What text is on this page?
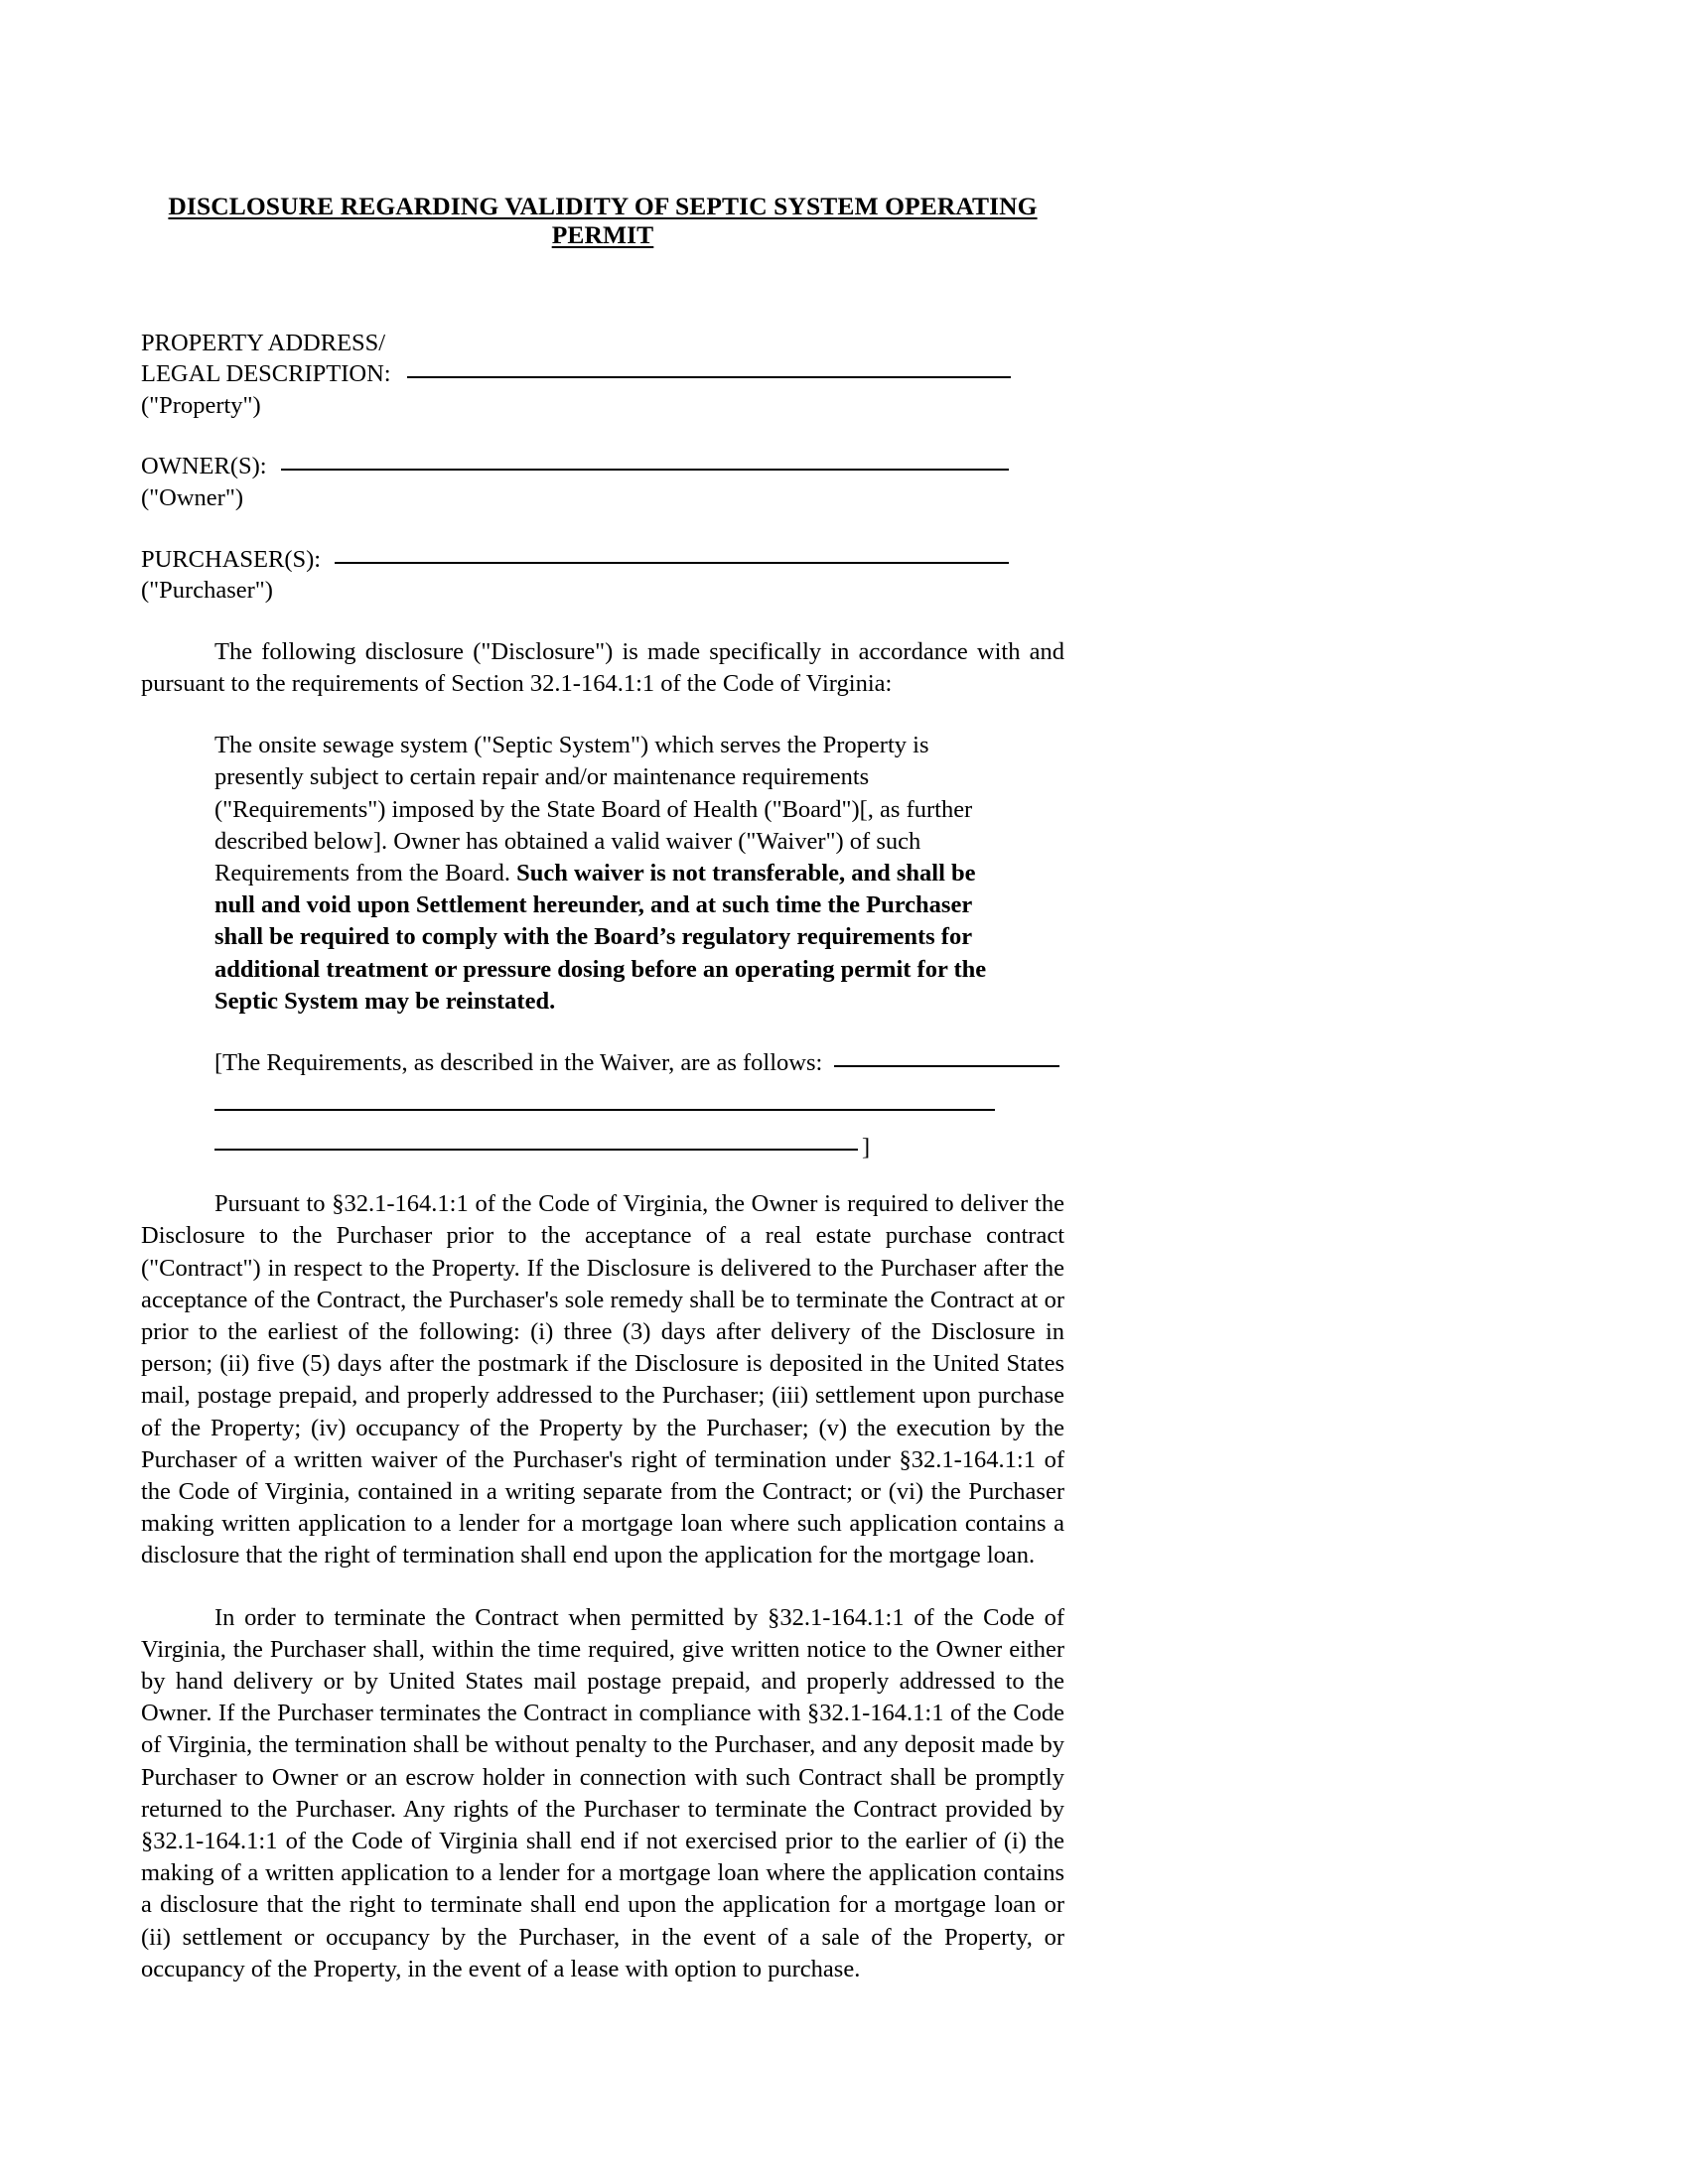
DISCLOSURE REGARDING VALIDITY OF SEPTIC SYSTEM OPERATING PERMIT
PROPERTY ADDRESS/
LEGAL DESCRIPTION:
("Property")
OWNER(S):
("Owner")
PURCHASER(S):
("Purchaser")

The following disclosure ("Disclosure") is made specifically in accordance with and pursuant to the requirements of Section 32.1-164.1:1 of the Code of Virginia:

The onsite sewage system ("Septic System") which serves the Property is presently subject to certain repair and/or maintenance requirements ("Requirements") imposed by the State Board of Health ("Board")[, as further described below]. Owner has obtained a valid waiver ("Waiver") of such Requirements from the Board. Such waiver is not transferable, and shall be null and void upon Settlement hereunder, and at such time the Purchaser shall be required to comply with the Board’s regulatory requirements for additional treatment or pressure dosing before an operating permit for the Septic System may be reinstated.
[The Requirements, as described in the Waiver, are as follows:
]

Pursuant to §32.1-164.1:1 of the Code of Virginia, the Owner is required to deliver the Disclosure to the Purchaser prior to the acceptance of a real estate purchase contract ("Contract") in respect to the Property. If the Disclosure is delivered to the Purchaser after the acceptance of the Contract, the Purchaser's sole remedy shall be to terminate the Contract at or prior to the earliest of the following: (i) three (3) days after delivery of the Disclosure in person; (ii) five (5) days after the postmark if the Disclosure is deposited in the United States mail, postage prepaid, and properly addressed to the Purchaser; (iii) settlement upon purchase of the Property; (iv) occupancy of the Property by the Purchaser; (v) the execution by the Purchaser of a written waiver of the Purchaser's right of termination under §32.1-164.1:1 of the Code of Virginia, contained in a writing separate from the Contract; or (vi) the Purchaser making written application to a lender for a mortgage loan where such application contains a disclosure that the right of termination shall end upon the application for the mortgage loan.

In order to terminate the Contract when permitted by §32.1-164.1:1 of the Code of Virginia, the Purchaser shall, within the time required, give written notice to the Owner either by hand delivery or by United States mail postage prepaid, and properly addressed to the Owner. If the Purchaser terminates the Contract in compliance with §32.1-164.1:1 of the Code of Virginia, the termination shall be without penalty to the Purchaser, and any deposit made by Purchaser to Owner or an escrow holder in connection with such Contract shall be promptly returned to the Purchaser. Any rights of the Purchaser to terminate the Contract provided by §32.1-164.1:1 of the Code of Virginia shall end if not exercised prior to the earlier of (i) the making of a written application to a lender for a mortgage loan where the application contains a disclosure that the right to terminate shall end upon the application for a mortgage loan or (ii) settlement or occupancy by the Purchaser, in the event of a sale of the Property, or occupancy of the Property, in the event of a lease with option to purchase.
